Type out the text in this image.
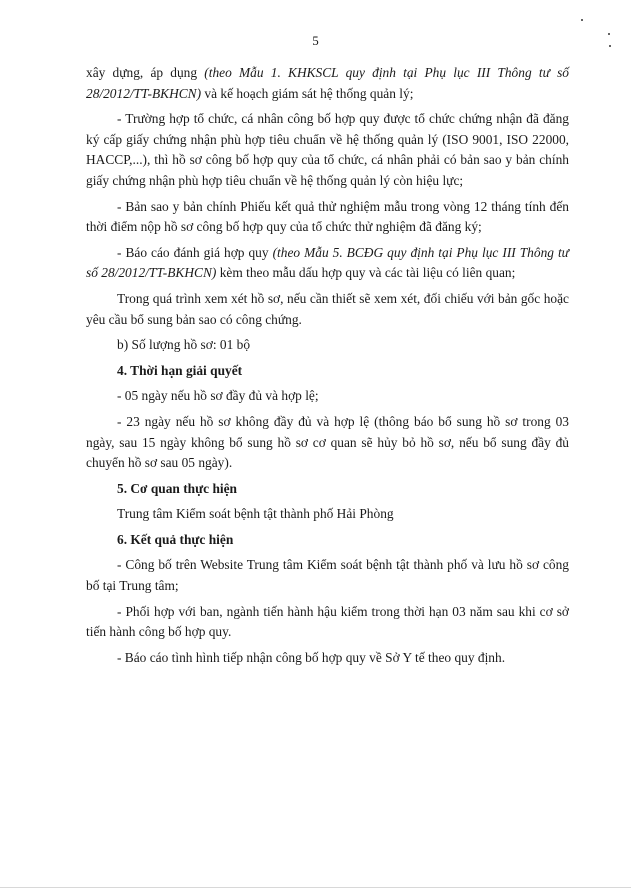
5

xây dựng, áp dụng (theo Mẫu 1. KHKSCL quy định tại Phụ lục III Thông tư số 28/2012/TT-BKHCN) và kế hoạch giám sát hệ thống quản lý;

- Trường hợp tổ chức, cá nhân công bố hợp quy được tổ chức chứng nhận đã đăng ký cấp giấy chứng nhận phù hợp tiêu chuẩn về hệ thống quản lý (ISO 9001, ISO 22000, HACCP,...), thì hồ sơ công bố hợp quy của tổ chức, cá nhân phải có bản sao y bản chính giấy chứng nhận phù hợp tiêu chuẩn về hệ thống quản lý còn hiệu lực;

- Bản sao y bản chính Phiếu kết quả thử nghiệm mẫu trong vòng 12 tháng tính đến thời điểm nộp hồ sơ công bố hợp quy của tổ chức thử nghiệm đã đăng ký;

- Báo cáo đánh giá hợp quy (theo Mẫu 5. BCĐG quy định tại Phụ lục III Thông tư số 28/2012/TT-BKHCN) kèm theo mẫu dấu hợp quy và các tài liệu có liên quan;

Trong quá trình xem xét hồ sơ, nếu cần thiết sẽ xem xét, đối chiếu với bản gốc hoặc yêu cầu bổ sung bản sao có công chứng.

b) Số lượng hồ sơ: 01 bộ

4. Thời hạn giải quyết

- 05 ngày nếu hồ sơ đầy đủ và hợp lệ;

- 23 ngày nếu hồ sơ không đầy đủ và hợp lệ (thông báo bổ sung hồ sơ trong 03 ngày, sau 15 ngày không bổ sung hồ sơ cơ quan sẽ hủy bỏ hồ sơ, nếu bổ sung đầy đủ chuyển hồ sơ sau 05 ngày).

5. Cơ quan thực hiện

Trung tâm Kiểm soát bệnh tật thành phố Hải Phòng

6. Kết quả thực hiện

- Công bố trên Website Trung tâm Kiểm soát bệnh tật thành phố và lưu hồ sơ công bố tại Trung tâm;

- Phối hợp với ban, ngành tiến hành hậu kiểm trong thời hạn 03 năm sau khi cơ sở tiến hành công bố hợp quy.

- Báo cáo tình hình tiếp nhận công bố hợp quy về Sở Y tế theo quy định.
